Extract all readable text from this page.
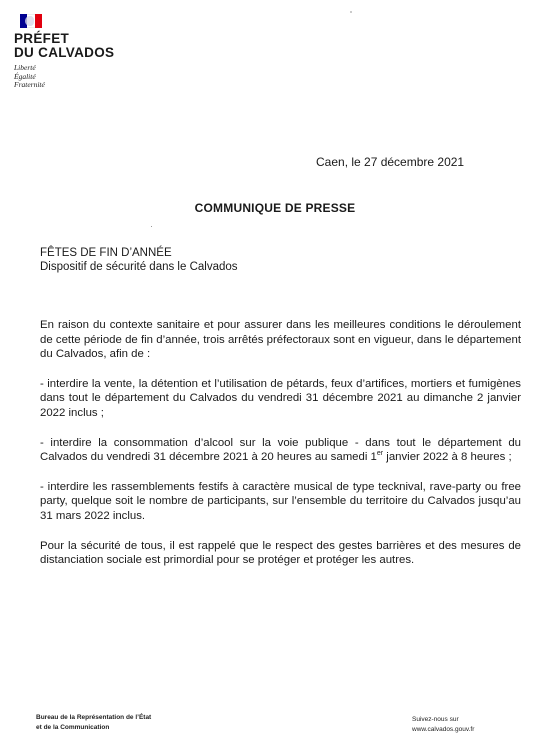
PRÉFET
DU CALVADOS
Liberté
Égalité
Fraternité
Caen, le 27 décembre 2021
COMMUNIQUE DE PRESSE
FÊTES DE FIN D’ANNÉE
Dispositif de sécurité dans le Calvados

En raison du contexte sanitaire et pour assurer dans les meilleures conditions le déroulement de cette période de fin d’année, trois arrêtés préfectoraux sont en vigueur, dans le département du Calvados, afin de :

- interdire la vente, la détention et l’utilisation de pétards, feux d’artifices, mortiers et fumigènes dans tout le département du Calvados du vendredi 31 décembre 2021 au dimanche 2 janvier 2022 inclus ;

- interdire la consommation d’alcool sur la voie publique - dans tout le département du Calvados du vendredi 31 décembre 2021 à 20 heures au samedi 1er janvier 2022 à 8 heures ;

- interdire les rassemblements festifs à caractère musical de type tecknival, rave-party ou free party, quelque soit le nombre de participants, sur l’ensemble du territoire du Calvados jusqu’au 31 mars 2022 inclus.

Pour la sécurité de tous, il est rappelé que le respect des gestes barrières et des mesures de distanciation sociale est primordial pour se protéger et protéger les autres.

Bureau de la Représentation de l’État
et de la Communication
Suivez-nous sur
www.calvados.gouv.fr
